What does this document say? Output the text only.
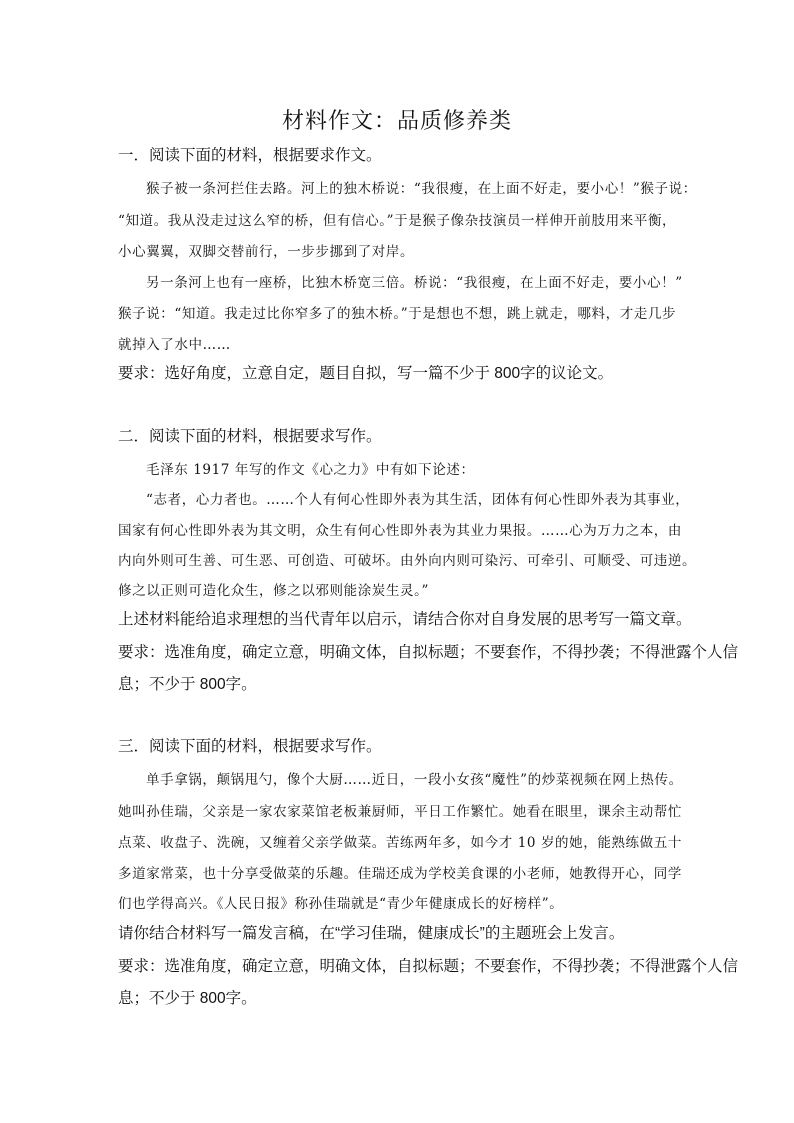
材料作文：品质修养类
一．阅读下面的材料，根据要求作文。
猴子被一条河拦住去路。河上的独木桥说：“我很瘦，在上面不好走，要小心！”猴子说：
“知道。我从没走过这么窄的桥，但有信心。”于是猴子像杂技演员一样伸开前肢用来平衡，
小心翼翼，双脚交替前行，一步步挪到了对岸。
另一条河上也有一座桥，比独木桥宽三倍。桥说：“我很瘦，在上面不好走，要小心！”
猴子说：“知道。我走过比你窄多了的独木桥。”于是想也不想，跳上就走，哪料，才走几步
就掉入了水中……
要求：选好角度，立意自定，题目自拟，写一篇不少于 800字的议论文。
二．阅读下面的材料，根据要求写作。
毛泽东 1917 年写的作文《心之力》中有如下论述：
“志者，心力者也。……个人有何心性即外表为其生活，团体有何心性即外表为其事业，
国家有何心性即外表为其文明，众生有何心性即外表为其业力果报。……心为万力之本，由
内向外则可生善、可生恶、可创造、可破坏。由外向内则可染污、可牵引、可顺受、可违逆。
修之以正则可造化众生，修之以邪则能涂炭生灵。”
上述材料能给追求理想的当代青年以启示，请结合你对自身发展的思考写一篇文章。
要求：选准角度，确定立意，明确文体，自拟标题；不要套作，不得抄袭；不得泄露个人信
息；不少于 800字。
三．阅读下面的材料，根据要求写作。
单手拿锅，颠锅甩勺，像个大厨……近日，一段小女孩“魔性”的炒菜视频在网上热传。
她叫孙佳瑞，父亲是一家农家菜馆老板兼厨师，平日工作繁忙。她看在眼里，课余主动帮忙
点菜、收盘子、洗碗，又缠着父亲学做菜。苦练两年多，如今才 10 岁的她，能熟练做五十
多道家常菜，也十分享受做菜的乐趣。佳瑞还成为学校美食课的小老师，她教得开心，同学
们也学得高兴。《人民日报》称孙佳瑞就是“青少年健康成长的好榜样”。
请你结合材料写一篇发言稿，在“学习佳瑞，健康成长”的主题班会上发言。
要求：选准角度，确定立意，明确文体，自拟标题；不要套作，不得抄袭；不得泄露个人信
息；不少于 800字。
